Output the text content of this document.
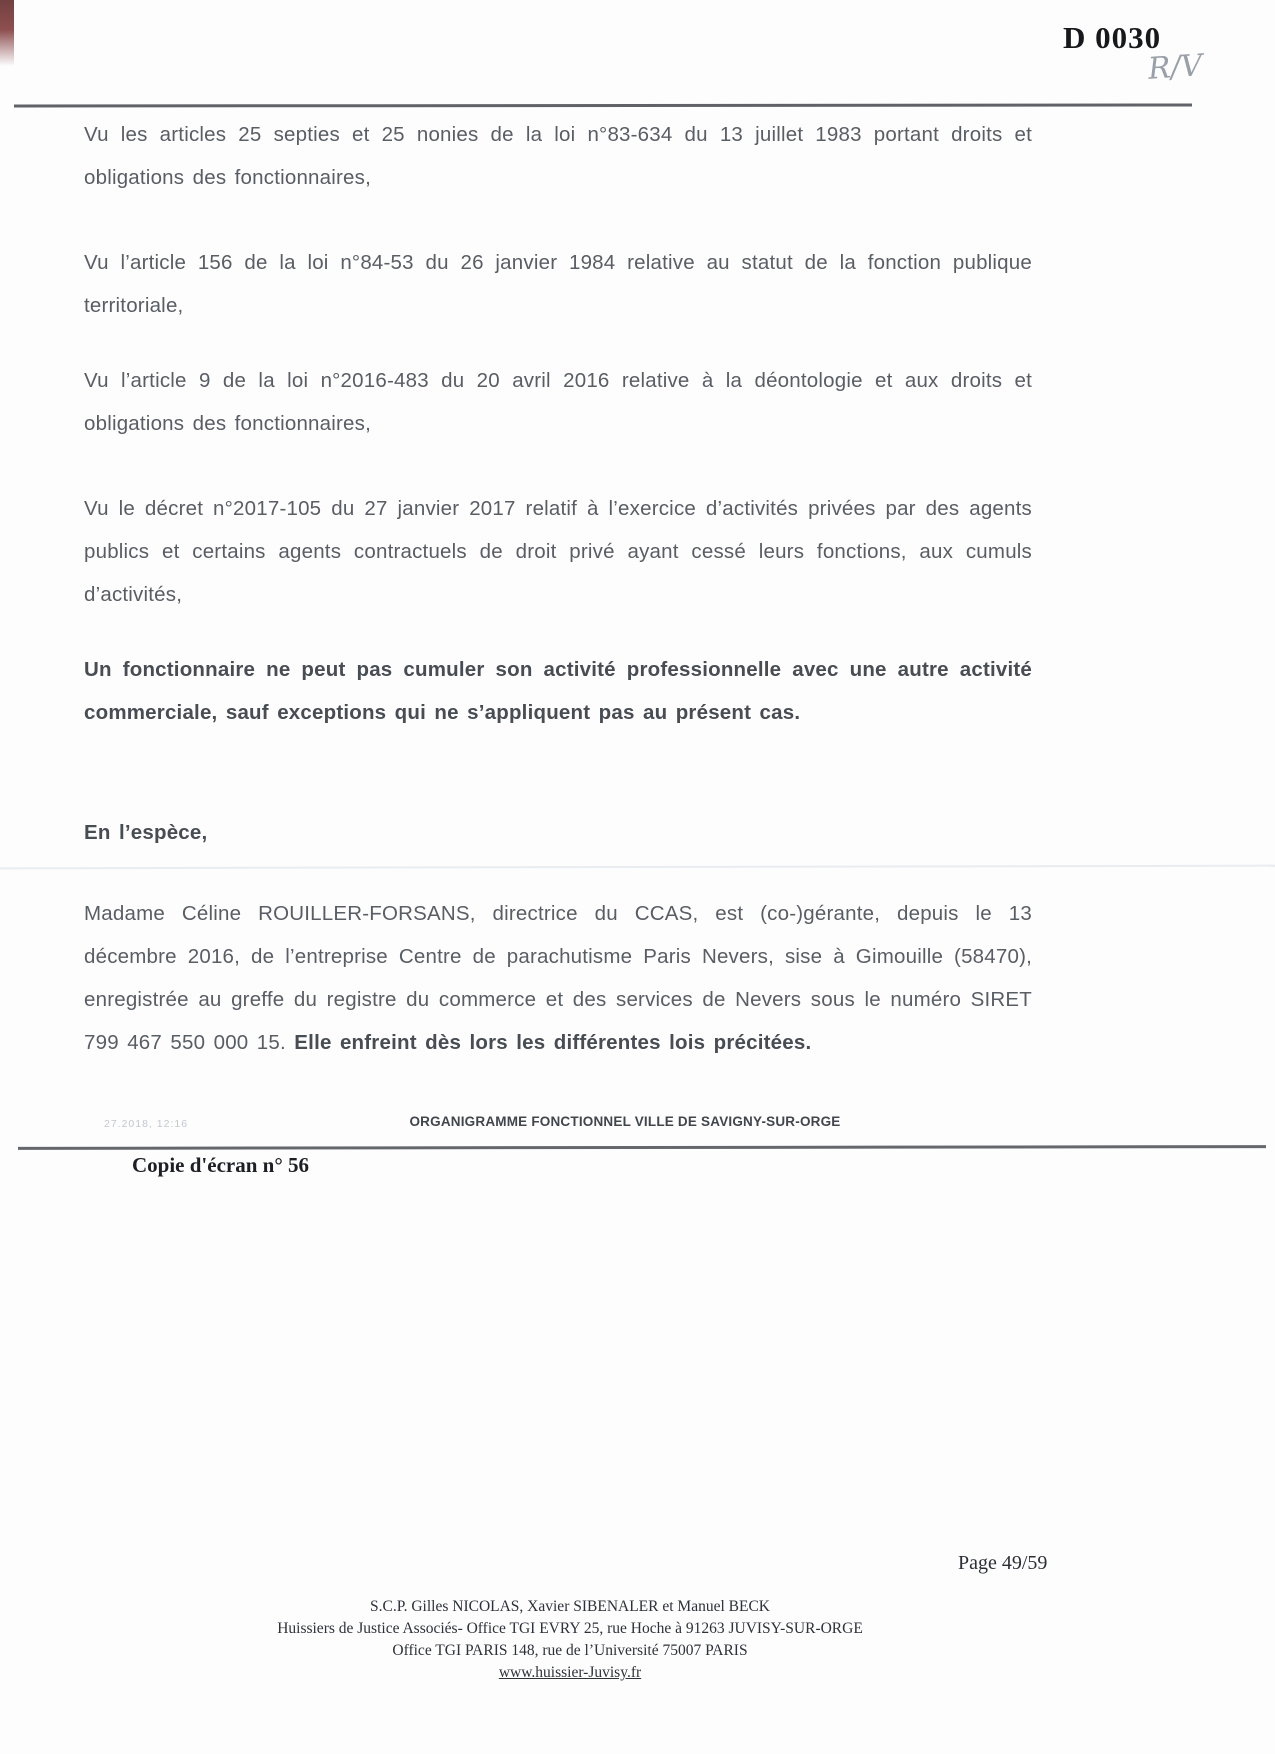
D 0030
R/V

Vu les articles 25 septies et 25 nonies de la loi n°83-634 du 13 juillet 1983 portant droits et obligations des fonctionnaires,

Vu l’article 156 de la loi n°84-53 du 26 janvier 1984 relative au statut de la fonction publique territoriale,

Vu l’article 9 de la loi n°2016-483 du 20 avril 2016 relative à la déontologie et aux droits et obligations des fonctionnaires,

Vu le décret n°2017-105 du 27 janvier 2017 relatif à l’exercice d’activités privées par des agents publics et certains agents contractuels de droit privé ayant cessé leurs fonctions, aux cumuls d’activités,

Un fonctionnaire ne peut pas cumuler son activité professionnelle avec une autre activité commerciale, sauf exceptions qui ne s’appliquent pas au présent cas.

En l’espèce,

Madame Céline ROUILLER-FORSANS, directrice du CCAS, est (co-)gérante, depuis le 13 décembre 2016, de l’entreprise Centre de parachutisme Paris Nevers, sise à Gimouille (58470), enregistrée au greffe du registre du commerce et des services de Nevers sous le numéro SIRET 799 467 550 000 15. Elle enfreint dès lors les différentes lois précitées.

27.2018, 12:16	ORGANIGRAMME FONCTIONNEL VILLE DE SAVIGNY-SUR-ORGE
Copie d'écran n° 56
Page 49/59
S.C.P. Gilles NICOLAS, Xavier SIBENALER et Manuel BECK
Huissiers de Justice Associés- Office TGI EVRY 25, rue Hoche à 91263 JUVISY-SUR-ORGE
Office TGI PARIS 148, rue de l’Université 75007 PARIS
www.huissier-Juvisy.fr
